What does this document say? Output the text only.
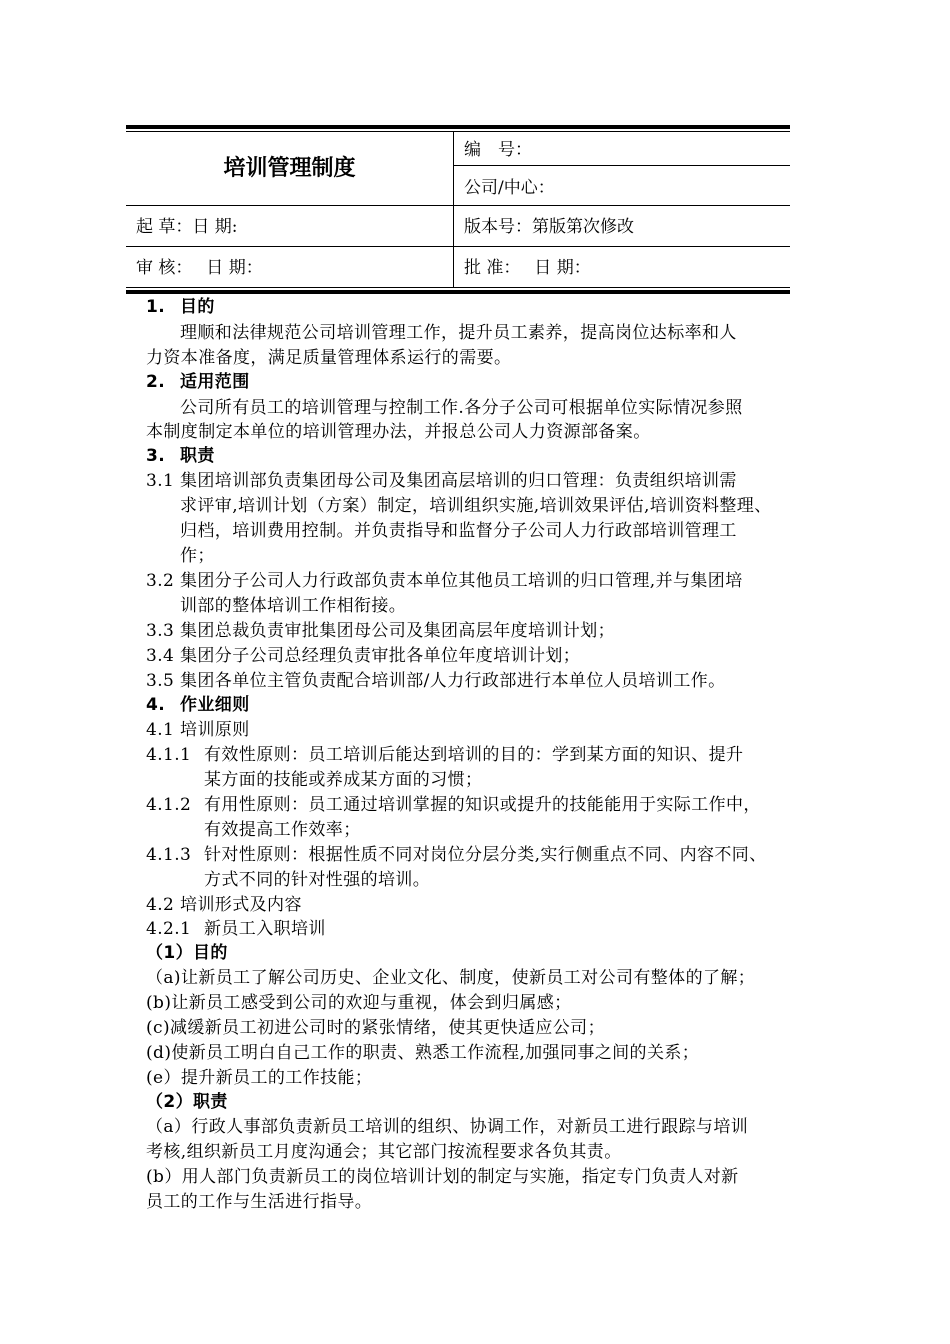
培训管理制度
编　号：
公司/中心：
起 草：日 期:	版本号：第版第次修改
审 核：　 日 期：	批 准：　 日 期：
1. 目的
理顺和法律规范公司培训管理工作，提升员工素养，提高岗位达标率和人
力资本准备度，满足质量管理体系运行的需要。
2. 适用范围
公司所有员工的培训管理与控制工作.各分子公司可根据单位实际情况参照
本制度制定本单位的培训管理办法，并报总公司人力资源部备案。
3. 职责
3.1 集团培训部负责集团母公司及集团高层培训的归口管理：负责组织培训需
求评审,培训计划（方案）制定，培训组织实施,培训效果评估,培训资料整理、
归档，培训费用控制。并负责指导和监督分子公司人力行政部培训管理工
作；
3.2 集团分子公司人力行政部负责本单位其他员工培训的归口管理,并与集团培
训部的整体培训工作相衔接。
3.3 集团总裁负责审批集团母公司及集团高层年度培训计划；
3.4 集团分子公司总经理负责审批各单位年度培训计划；
3.5 集团各单位主管负责配合培训部/人力行政部进行本单位人员培训工作。
4. 作业细则
4.1 培训原则
4.1.1 有效性原则：员工培训后能达到培训的目的：学到某方面的知识、提升
某方面的技能或养成某方面的习惯；
4.1.2 有用性原则：员工通过培训掌握的知识或提升的技能能用于实际工作中，
有效提高工作效率；
4.1.3 针对性原则：根据性质不同对岗位分层分类,实行侧重点不同、内容不同、
方式不同的针对性强的培训。
4.2 培训形式及内容
4.2.1 新员工入职培训
（1）目的
（a)让新员工了解公司历史、企业文化、制度，使新员工对公司有整体的了解；
(b)让新员工感受到公司的欢迎与重视，体会到归属感；
(c)减缓新员工初进公司时的紧张情绪，使其更快适应公司；
(d)使新员工明白自己工作的职责、熟悉工作流程,加强同事之间的关系；
(e）提升新员工的工作技能；
（2）职责
（a）行政人事部负责新员工培训的组织、协调工作，对新员工进行跟踪与培训
考核,组织新员工月度沟通会；其它部门按流程要求各负其责。
(b）用人部门负责新员工的岗位培训计划的制定与实施，指定专门负责人对新
员工的工作与生活进行指导。
